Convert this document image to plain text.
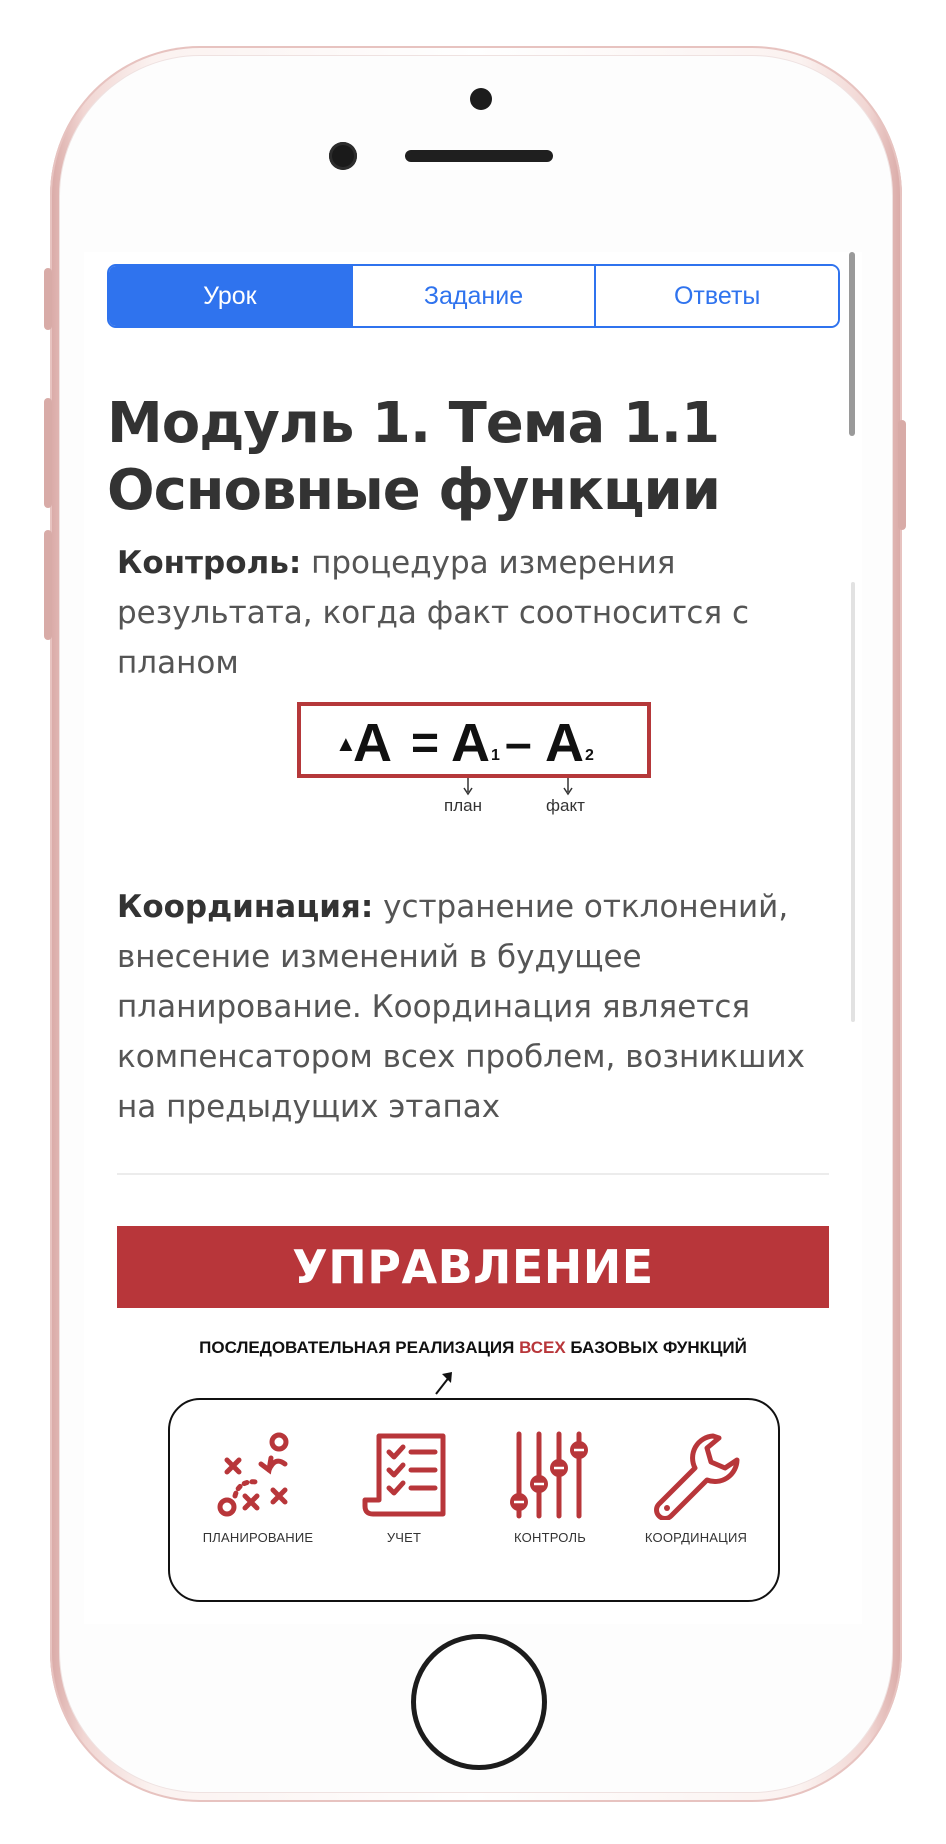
Урок	Задание	Ответы
Модуль 1. Тема 1.1
Основные функции
Контроль: процедура измерения результата, когда факт соотносится с планом
▲
A = A 1 – A 2
план	факт
Координация: устранение отклонений, внесение изменений в будущее планирование. Координация является компенсатором всех проблем, возникших на предыдущих этапах
УПРАВЛЕНИЕ
ПОСЛЕДОВАТЕЛЬНАЯ РЕАЛИЗАЦИЯ ВСЕХ БАЗОВЫХ ФУНКЦИЙ
ПЛАНИРОВАНИЕ	УЧЕТ	КОНТРОЛЬ	КООРДИНАЦИЯ
